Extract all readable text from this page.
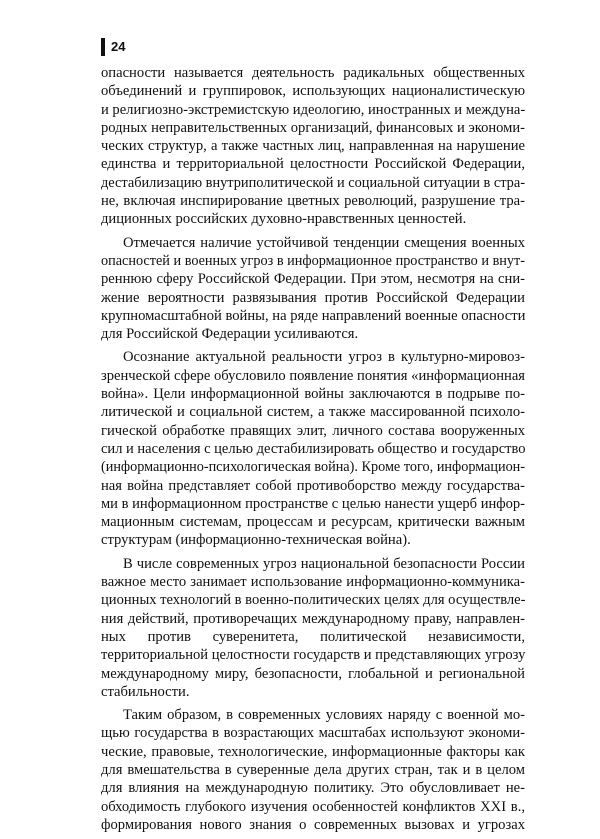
24
опасности называется деятельность радикальных общественных
объединений и группировок, использующих националистическую
и религиозно-экстремистскую идеологию, иностранных и междуна-
родных неправительственных организаций, финансовых и экономи-
ческих структур, а также частных лиц, направленная на нарушение
единства и территориальной целостности Российской Федерации,
дестабилизацию внутриполитической и социальной ситуации в стра-
не, включая инспирирование цветных революций, разрушение тра-
диционных российских духовно-нравственных ценностей.
Отмечается наличие устойчивой тенденции смещения военных
опасностей и военных угроз в информационное пространство и внут-
реннюю сферу Российской Федерации. При этом, несмотря на сни-
жение вероятности развязывания против Российской Федерации
крупномасштабной войны, на ряде направлений военные опасности
для Российской Федерации усиливаются.
Осознание актуальной реальности угроз в культурно-мировоз-
зренческой сфере обусловило появление понятия «информационная
война». Цели информационной войны заключаются в подрыве по-
литической и социальной систем, а также массированной психоло-
гической обработке правящих элит, личного состава вооруженных
сил и населения с целью дестабилизировать общество и государство
(информационно-психологическая война). Кроме того, информацион-
ная война представляет собой противоборство между государства-
ми в информационном пространстве с целью нанести ущерб инфор-
мационным системам, процессам и ресурсам, критически важным
структурам (информационно-техническая война).
В числе современных угроз национальной безопасности России
важное место занимает использование информационно-коммуника-
ционных технологий в военно-политических целях для осуществле-
ния действий, противоречащих международному праву, направлен-
ных против суверенитета, политической независимости,
территориальной целостности государств и представляющих угрозу
международному миру, безопасности, глобальной и региональной
стабильности.
Таким образом, в современных условиях наряду с военной мо-
щью государства в возрастающих масштабах используют экономи-
ческие, правовые, технологические, информационные факторы как
для вмешательства в суверенные дела других стран, так и в целом
для влияния на международную политику. Это обусловливает не-
обходимость глубокого изучения особенностей конфликтов XXI в.,
формирования нового знания о современных вызовах и угрозах
